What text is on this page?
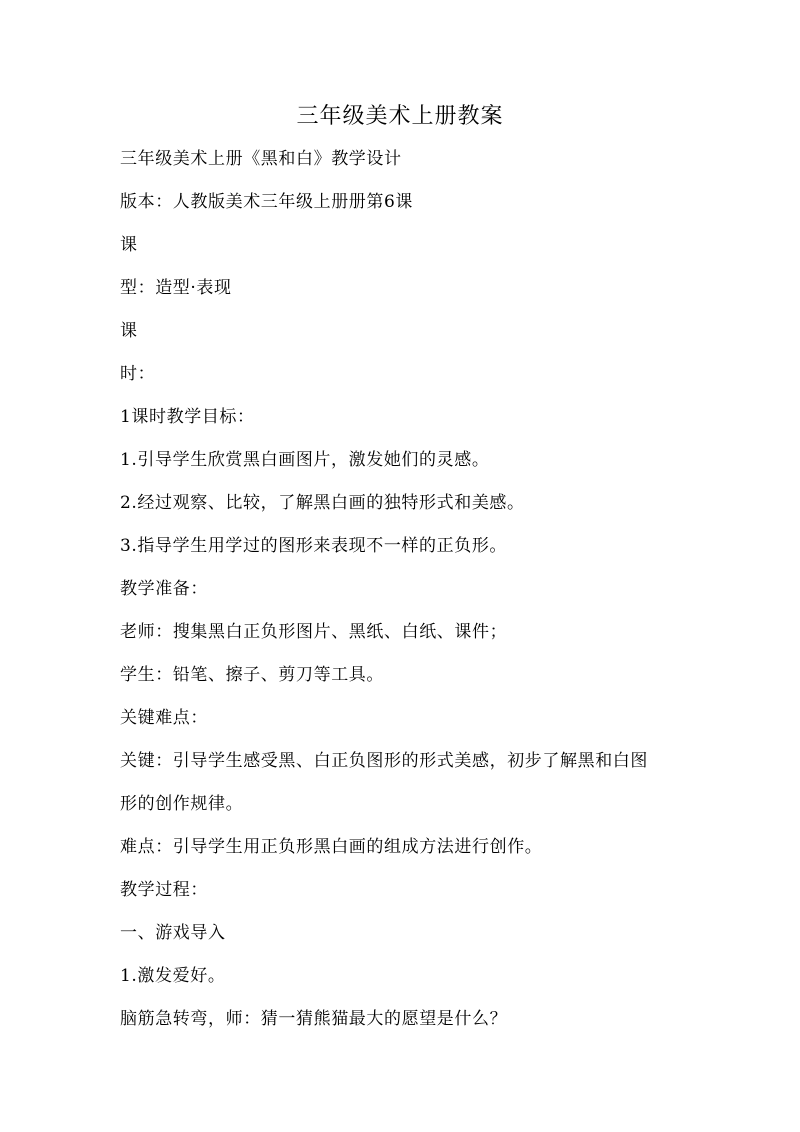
三年级美术上册教案
三年级美术上册《黑和白》教学设计
版本：人教版美术三年级上册册第6课
课
型：造型·表现
课
时：
1课时教学目标：
1.引导学生欣赏黑白画图片，激发她们的灵感。
2.经过观察、比较，了解黑白画的独特形式和美感。
3.指导学生用学过的图形来表现不一样的正负形。
教学准备：
老师：搜集黑白正负形图片、黑纸、白纸、课件；
学生：铅笔、擦子、剪刀等工具。
关键难点：
关键：引导学生感受黑、白正负图形的形式美感，初步了解黑和白图
形的创作规律。
难点：引导学生用正负形黑白画的组成方法进行创作。
教学过程：
一、游戏导入
1.激发爱好。
脑筋急转弯，师：猜一猜熊猫最大的愿望是什么？
